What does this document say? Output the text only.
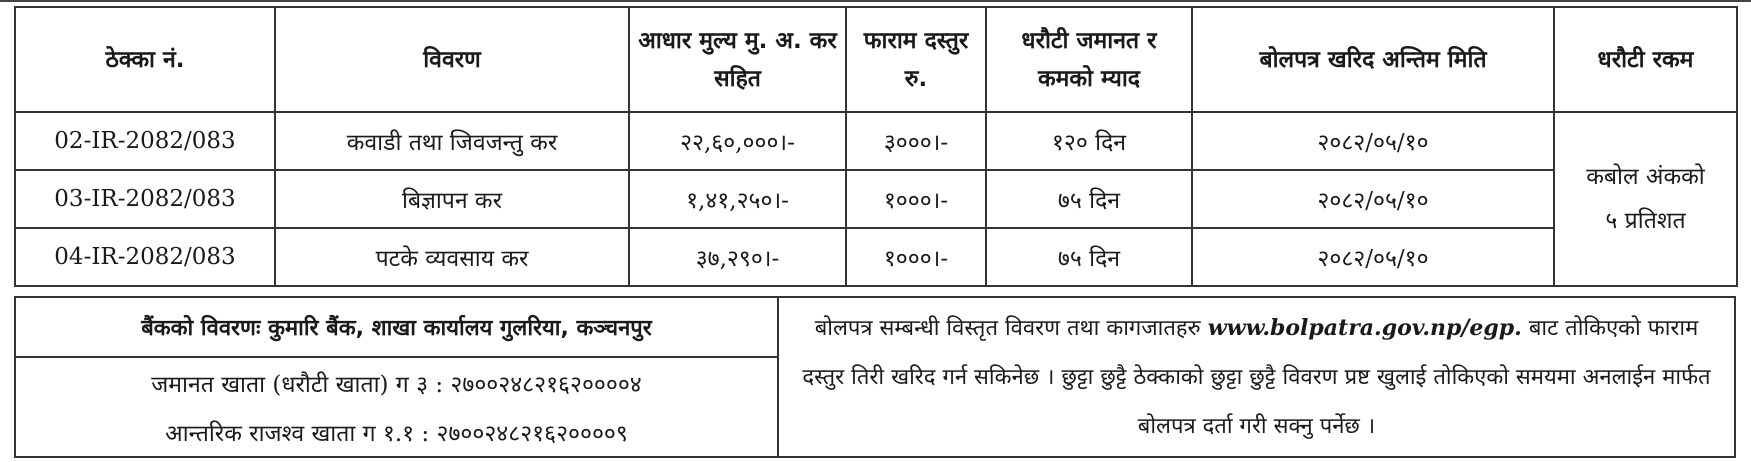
ठेक्का नं.	विवरण	आधार मुल्य मु. अ. कर सहित	फाराम दस्तुर रु.	धरौटी जमानत र कमको म्याद	बोलपत्र खरिद अन्तिम मिति	धरौटी रकम
02-IR-2082/083	कवाडी तथा जिवजन्तु कर	२२,६०,०००।-	३०००।-	१२० दिन	२०८२/०५/१०	कबोल अंकको
५ प्रतिशत

03-IR-2082/083	बिज्ञापन कर	१,४१,२५०।-	१०००।-	७५ दिन	२०८२/०५/१०	
04-IR-2082/083	पटके व्यवसाय कर	३७,२९०।-	१०००।-	७५ दिन	२०८२/०५/१०	
बैंकको विवरणः कुमारि बैंक, शाखा कार्यालय गुलरिया, कञ्चनपुर
जमानत खाता (धरौटी खाता) ग ३ : २७००२४८२१६२००००४
आन्तरिक राजश्व खाता ग १.१ : २७००२४८२१६२००००९
बोलपत्र सम्बन्धी विस्तृत विवरण तथा कागजातहरु www.bolpatra.gov.np/egp. बाट तोकिएको फाराम दस्तुर तिरी खरिद गर्न सकिनेछ । छुट्टा छुट्टै ठेक्काको छुट्टा छुट्टै विवरण प्रष्ट खुलाई तोकिएको समयमा अनलाईन मार्फत बोलपत्र दर्ता गरी सक्नु पर्नेछ ।
